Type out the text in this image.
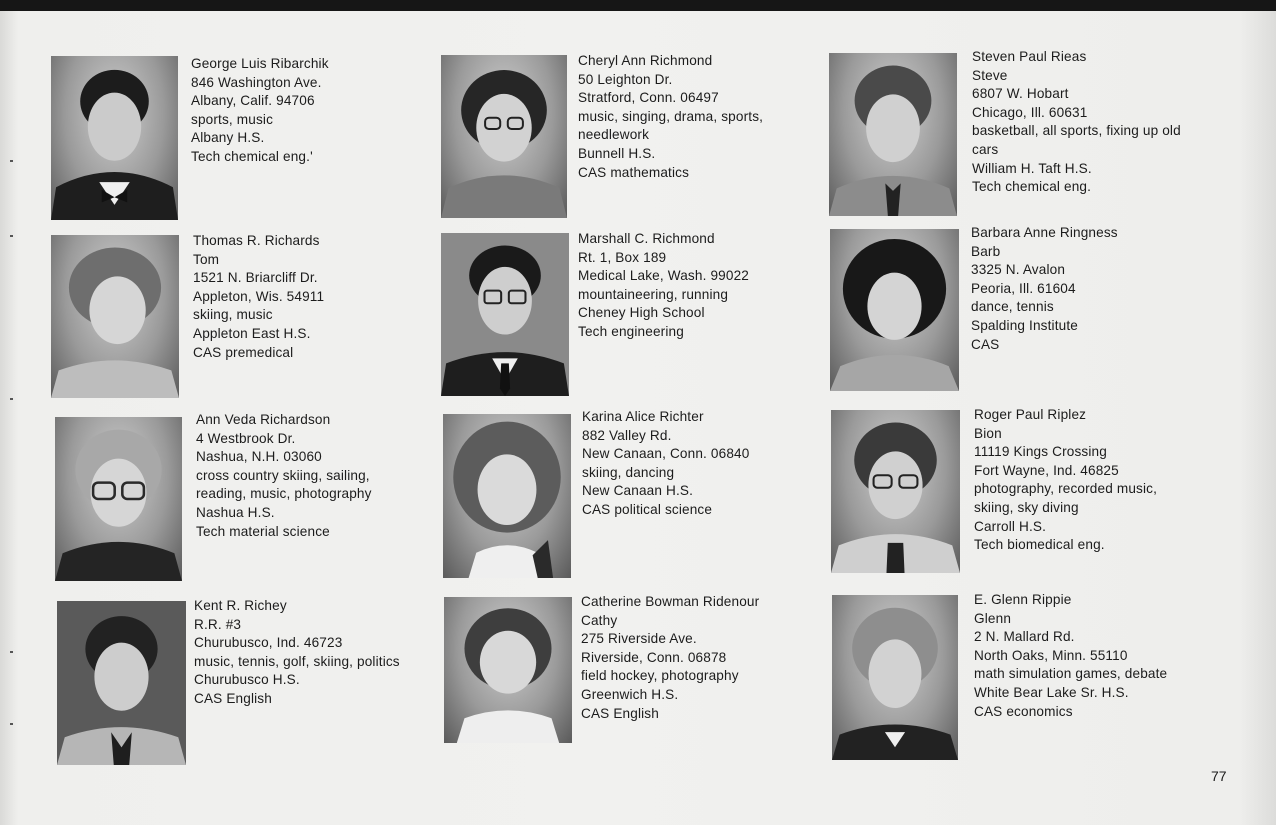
George Luis Ribarchik
846 Washington Ave.
Albany, Calif. 94706
sports, music
Albany H.S.
Tech chemical eng.'
Cheryl Ann Richmond
50 Leighton Dr.
Stratford, Conn. 06497
music, singing, drama, sports,
needlework
Bunnell H.S.
CAS mathematics
Steven Paul Rieas
Steve
6807 W. Hobart
Chicago, Ill. 60631
basketball, all sports, fixing up old
cars
William H. Taft H.S.
Tech chemical eng.
Thomas R. Richards
Tom
1521 N. Briarcliff Dr.
Appleton, Wis. 54911
skiing, music
Appleton East H.S.
CAS premedical
Marshall C. Richmond
Rt. 1, Box 189
Medical Lake, Wash. 99022
mountaineering, running
Cheney High School
Tech engineering
Barbara Anne Ringness
Barb
3325 N. Avalon
Peoria, Ill. 61604
dance, tennis
Spalding Institute
CAS
Ann Veda Richardson
4 Westbrook Dr.
Nashua, N.H. 03060
cross country skiing, sailing,
reading, music, photography
Nashua H.S.
Tech material science
Karina Alice Richter
882 Valley Rd.
New Canaan, Conn. 06840
skiing, dancing
New Canaan H.S.
CAS political science
Roger Paul Riplez
Bion
11119 Kings Crossing
Fort Wayne, Ind. 46825
photography, recorded music,
skiing, sky diving
Carroll H.S.
Tech biomedical eng.
Kent R. Richey
R.R. #3
Churubusco, Ind. 46723
music, tennis, golf, skiing, politics
Churubusco H.S.
CAS English
Catherine Bowman Ridenour
Cathy
275 Riverside Ave.
Riverside, Conn. 06878
field hockey, photography
Greenwich H.S.
CAS English
E. Glenn Rippie
Glenn
2 N. Mallard Rd.
North Oaks, Minn. 55110
math simulation games, debate
White Bear Lake Sr. H.S.
CAS economics
77
